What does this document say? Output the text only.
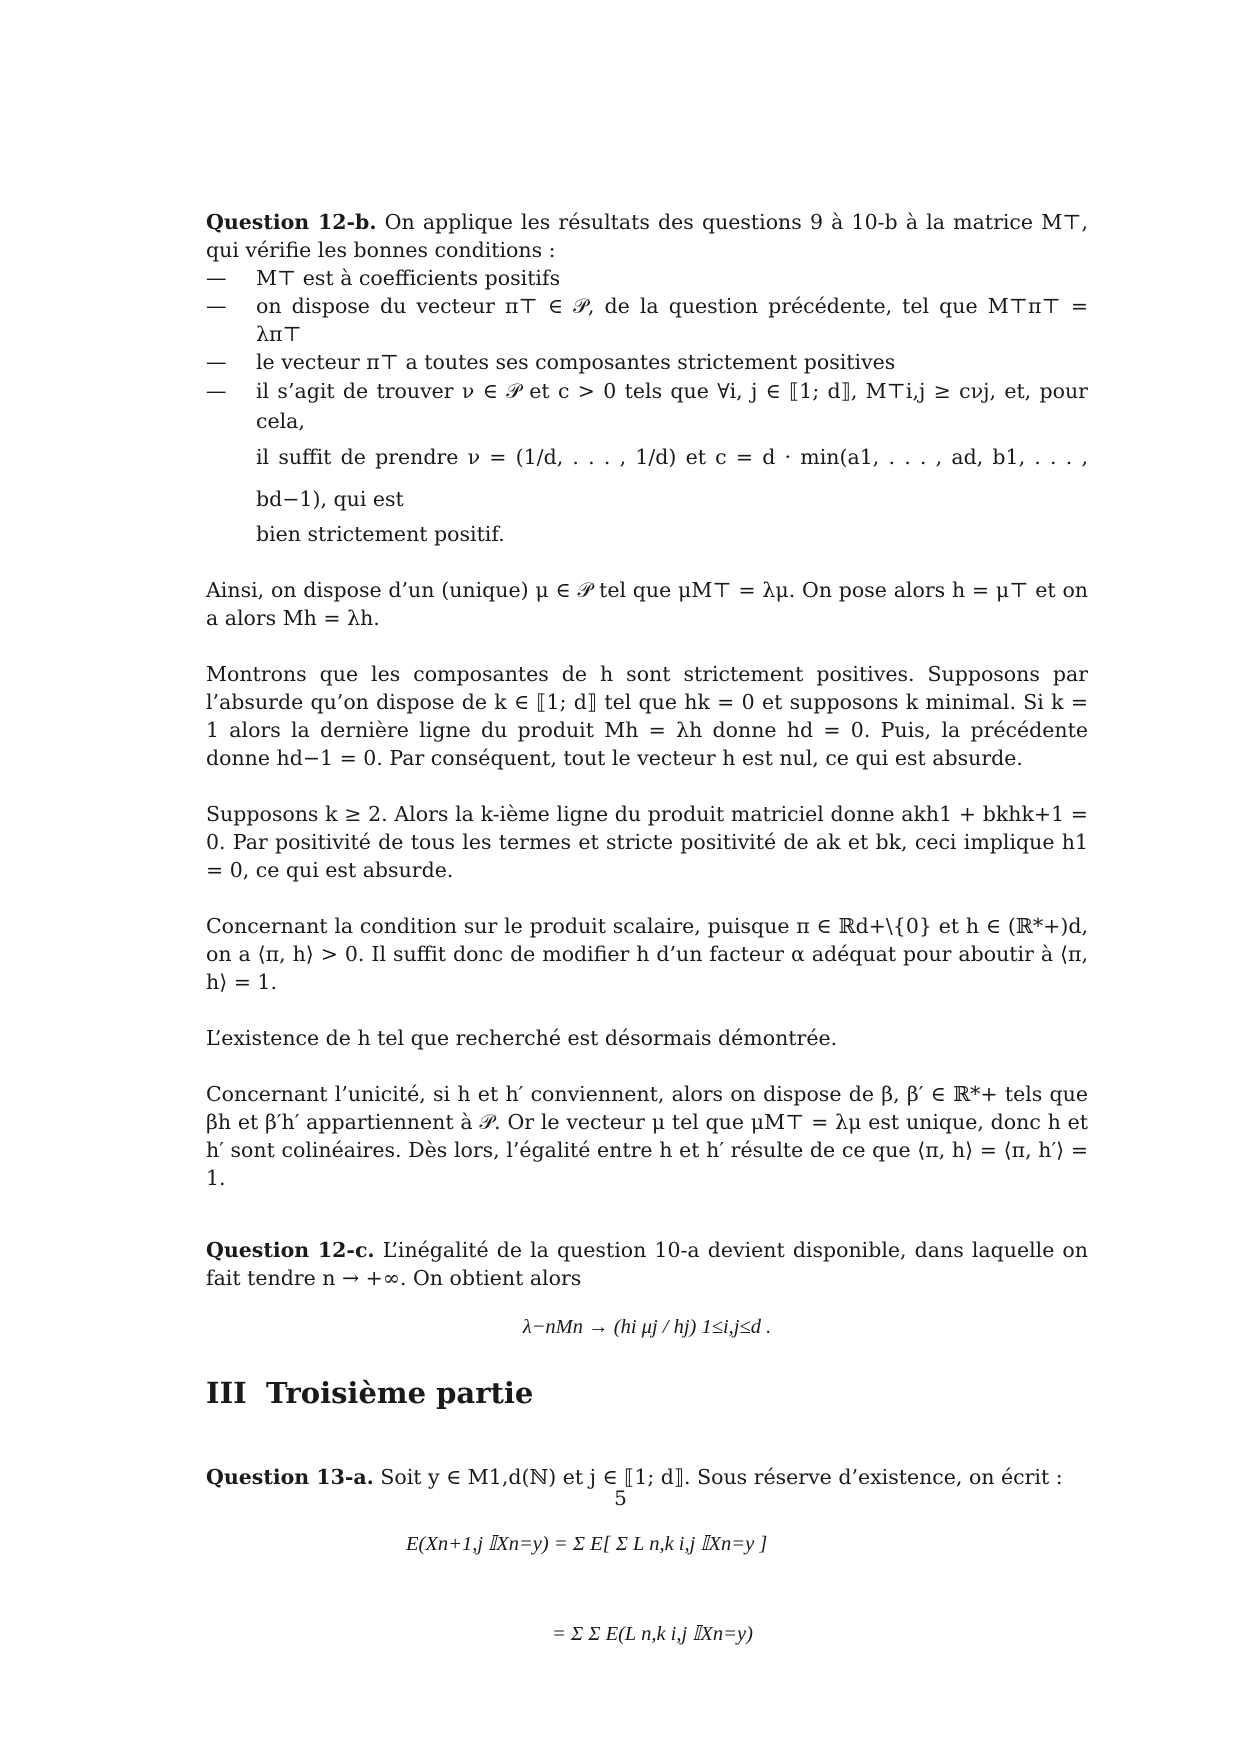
Question 12-b. On applique les résultats des questions 9 à 10-b à la matrice M⊤, qui vérifie les bonnes conditions :

— M⊤ est à coefficients positifs
— on dispose du vecteur π⊤ ∈ 𝒫, de la question précédente, tel que M⊤π⊤ = λπ⊤
— le vecteur π⊤ a toutes ses composantes strictement positives
— il s’agit de trouver ν ∈ 𝒫 et c > 0 tels que ∀i, j ∈ ⟦1; d⟧, M⊤i,j ≥ cνj, et, pour cela,
il suffit de prendre ν = (1/d, . . . , 1/d) et c = d · min(a1, . . . , ad, b1, . . . , bd−1), qui est
bien strictement positif.

Ainsi, on dispose d’un (unique) μ ∈ 𝒫 tel que μM⊤ = λμ. On pose alors h = μ⊤ et on a alors Mh = λh.

Montrons que les composantes de h sont strictement positives. Supposons par l’absurde qu’on dispose de k ∈ ⟦1; d⟧ tel que hk = 0 et supposons k minimal. Si k = 1 alors la dernière ligne du produit Mh = λh donne hd = 0. Puis, la précédente donne hd−1 = 0. Par conséquent, tout le vecteur h est nul, ce qui est absurde.

Supposons k ≥ 2. Alors la k-ième ligne du produit matriciel donne akh1 + bkhk+1 = 0. Par positivité de tous les termes et stricte positivité de ak et bk, ceci implique h1 = 0, ce qui est absurde.

Concernant la condition sur le produit scalaire, puisque π ∈ ℝd+\{0} et h ∈ (ℝ*+)d, on a ⟨π, h⟩ > 0. Il suffit donc de modifier h d’un facteur α adéquat pour aboutir à ⟨π, h⟩ = 1.

L’existence de h tel que recherché est désormais démontrée.

Concernant l’unicité, si h et h′ conviennent, alors on dispose de β, β′ ∈ ℝ*+ tels que βh et β′h′ appartiennent à 𝒫. Or le vecteur μ tel que μM⊤ = λμ est unique, donc h et h′ sont colinéaires. Dès lors, l’égalité entre h et h′ résulte de ce que ⟨π, h⟩ = ⟨π, h′⟩ = 1.

Question 12-c. L’inégalité de la question 10-a devient disponible, dans laquelle on fait tendre n → +∞. On obtient alors

λ−nMn → (hi μj / hj) 1≤i,j≤d .
III Troisième partie

Question 13-a. Soit y ∈ M1,d(ℕ) et j ∈ ⟦1; d⟧. Sous réserve d’existence, on écrit :

E(Xn+1,j 𝕀Xn=y) = Σ E[ Σ L n,k i,j 𝕀Xn=y ]
= Σ Σ E(L n,k i,j 𝕀Xn=y)
5
